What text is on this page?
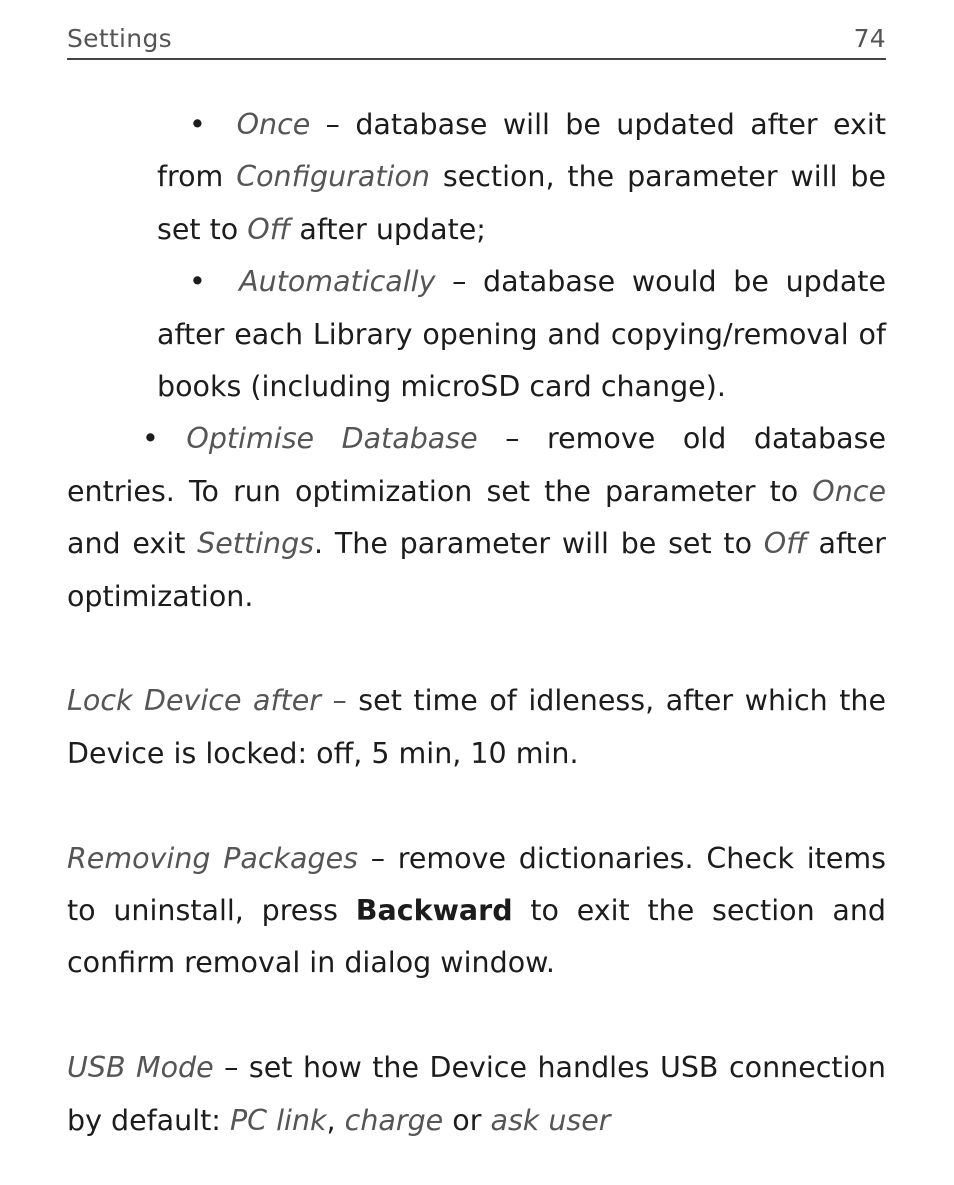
Settings	74

• Once – database will be updated after exit from Configuration section, the parameter will be set to Off after update;

• Automatically – database would be update after each Library opening and copying/removal of books (including microSD card change).

• Optimise Database – remove old database entries. To run optimization set the parameter to Once and exit Settings. The parameter will be set to Off after optimization.

Lock Device after – set time of idleness, after which the Device is locked: off, 5 min, 10 min.

Removing Packages – remove dictionaries. Check items to uninstall, press Backward to exit the section and confirm removal in dialog window.

USB Mode – set how the Device handles USB connection by default: PC link, charge or ask user
